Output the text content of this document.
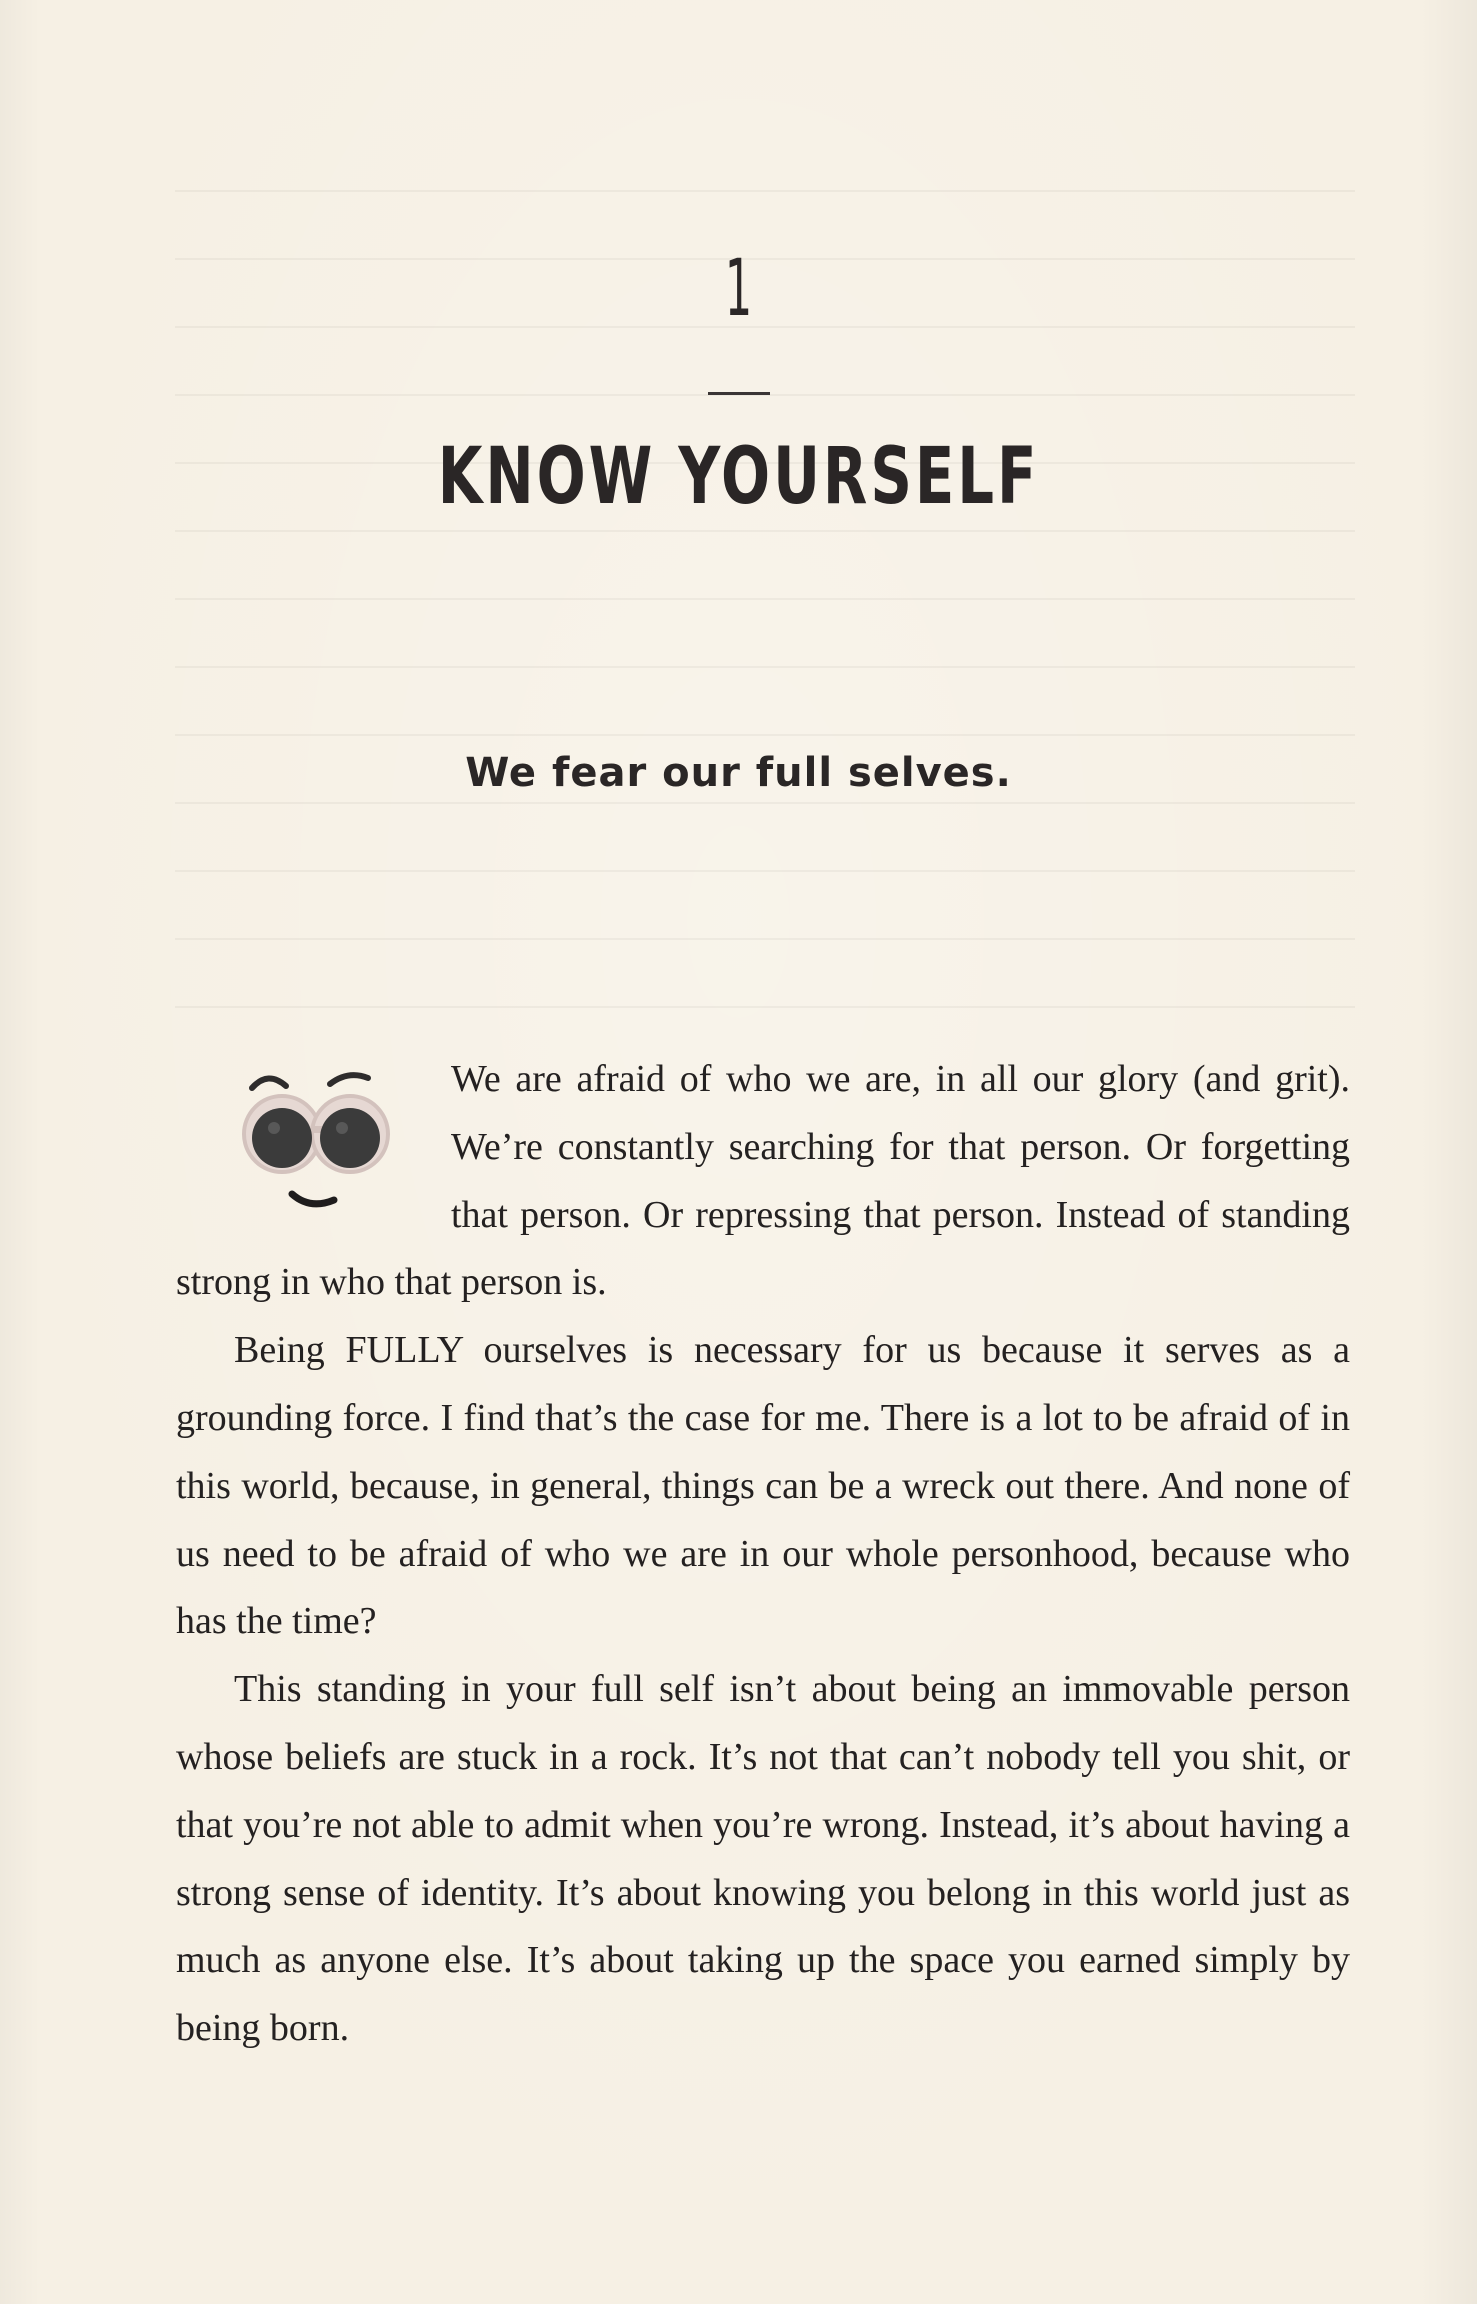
1
KNOW YOURSELF
We fear our full selves.

We are afraid of who we are, in all our glory (and grit). We’re constantly searching for that person. Or forgetting that person. Or repressing that person. Instead of standing strong in who that person is.

Being FULLY ourselves is necessary for us because it serves as a grounding force. I find that’s the case for me. There is a lot to be afraid of in this world, because, in general, things can be a wreck out there. And none of us need to be afraid of who we are in our whole personhood, because who has the time?

This standing in your full self isn’t about being an immovable person whose beliefs are stuck in a rock. It’s not that can’t nobody tell you shit, or that you’re not able to admit when you’re wrong. Instead, it’s about having a strong sense of identity. It’s about knowing you belong in this world just as much as anyone else. It’s about taking up the space you earned simply by being born.
